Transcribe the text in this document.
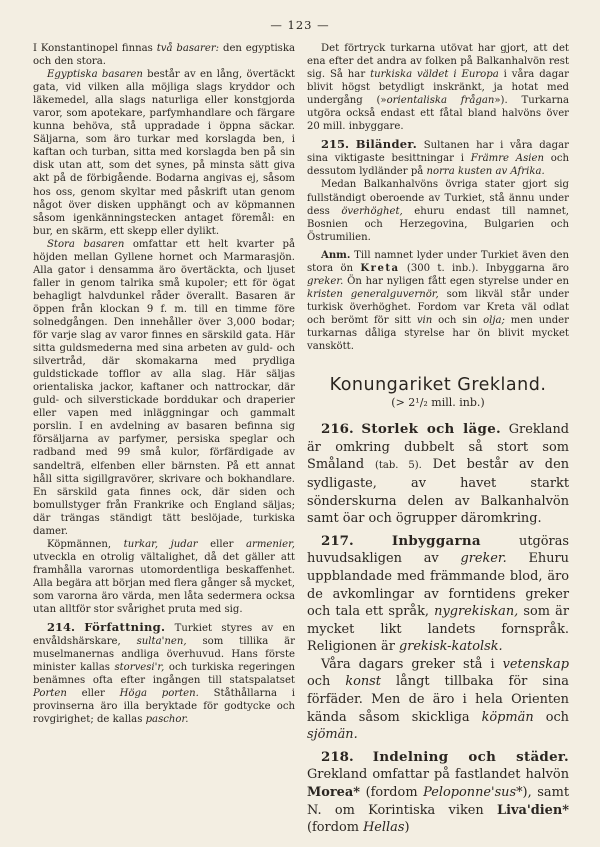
— 123 —

I Konstantinopel finnas två basarer: den egyptiska och den stora.

Egyptiska basaren består av en lång, övertäckt gata, vid vilken alla möjliga slags kryddor och läkemedel, alla slags naturliga eller konstgjorda varor, som apotekare, parfymhandlare och färgare kunna behöva, stå uppradade i öppna säckar. Säljarna, som äro turkar med korslagda ben, i kaftan och turban, sitta med korslagda ben på sin disk utan att, som det synes, på minsta sätt giva akt på de förbigående. Bodarna angivas ej, såsom hos oss, genom skyltar med påskrift utan genom något över disken upphängt och av köpmannen såsom igenkänningstecken antaget föremål: en bur, en skärm, ett skepp eller dylikt.

Stora basaren omfattar ett helt kvarter på höjden mellan Gyllene hornet och Marmarasjön. Alla gator i densamma äro övertäckta, och ljuset faller in genom talrika små kupoler; ett för ögat behagligt halvdunkel råder överallt. Basaren är öppen från klockan 9 f. m. till en timme före solnedgången. Den innehåller över 3,000 bodar; för varje slag av varor finnes en särskild gata. Här sitta guldsmederna med sina arbeten av guld- och silvertråd, där skomakarna med prydliga guldstickade tofflor av alla slag. Här säljas orientaliska jackor, kaftaner och nattrockar, där guld- och silverstickade borddukar och draperier eller vapen med inläggningar och gammalt porslin. I en avdelning av basaren befinna sig försäljarna av parfymer, persiska speglar och radband med 99 små kulor, förfärdigade av sandelträ, elfenben eller bärnsten. På ett annat håll sitta sigillgravörer, skrivare och bokhandlare. En särskild gata finnes ock, där siden och bomullstyger från Frankrike och England säljas; där trängas ständigt tätt beslöjade, turkiska damer.

Köpmännen, turkar, judar eller armenier, utveckla en otrolig vältalighet, då det gäller att framhålla varornas utomordentliga beskaffenhet. Alla begära att början med flera gånger så mycket, som varorna äro värda, men låta sedermera ocksa utan alltför stor svårighet pruta med sig.

214. Författning. Turkiet styres av en envåldshärskare, sulta'nen, som tillika är muselmanernas andliga överhuvud. Hans förste minister kallas storvesi'r, och turkiska regeringen benämnes ofta efter ingången till statspalatset Porten eller Höga porten. Ståthållarna i provinserna äro illa beryktade för godtycke och rovgirighet; de kallas paschor.

Det förtryck turkarna utövat har gjort, att det ena efter det andra av folken på Balkanhalvön rest sig. Så har turkiska väldet i Europa i våra dagar blivit högst betydligt inskränkt, ja hotat med undergång (»orientaliska frågan»). Turkarna utgöra också endast ett fåtal bland halvöns över 20 mill. inbyggare.

215. Biländer. Sultanen har i våra dagar sina viktigaste besittningar i Främre Asien och dessutom lydländer på norra kusten av Afrika.

Medan Balkanhalvöns övriga stater gjort sig fullständigt oberoende av Turkiet, stå ännu under dess överhöghet, ehuru endast till namnet, Bosnien och Herzegovina, Bulgarien och Östrumilien.

Anm. Till namnet lyder under Turkiet även den stora ön Kreta (300 t. inb.). Inbyggarna äro greker. Ön har nyligen fått egen styrelse under en kristen generalguvernör, som likväl står under turkisk överhöghet. Fordom var Kreta väl odlat och berömt för sitt vin och sin olja; men under turkarnas dåliga styrelse har ön blivit mycket vanskött.

Konungariket Grekland.
(> 2¹/₂ mill. inb.)

216. Storlek och läge. Grekland är omkring dubbelt så stort som Småland (tab. 5). Det består av den sydligaste, av havet starkt sönderskurna delen av Balkanhalvön samt öar och ögrupper däromkring.

217.	Inbyggarna utgöras huvudsakligen av greker. Ehuru uppblandade med främmande blod, äro de avkomlingar av forntidens greker och tala ett språk, nygrekiskan, som är mycket likt landets fornspråk. Religionen är grekisk-katolsk.

Våra dagars greker stå i vetenskap och konst långt tillbaka för sina förfäder. Men de äro i hela Orienten kända såsom skickliga köpmän och sjömän.

218. Indelning och städer. Grekland omfattar på fastlandet halvön Morea* (fordom Peloponne'sus*), samt N. om Korintiska viken Liva'dien* (fordom Hellas)
